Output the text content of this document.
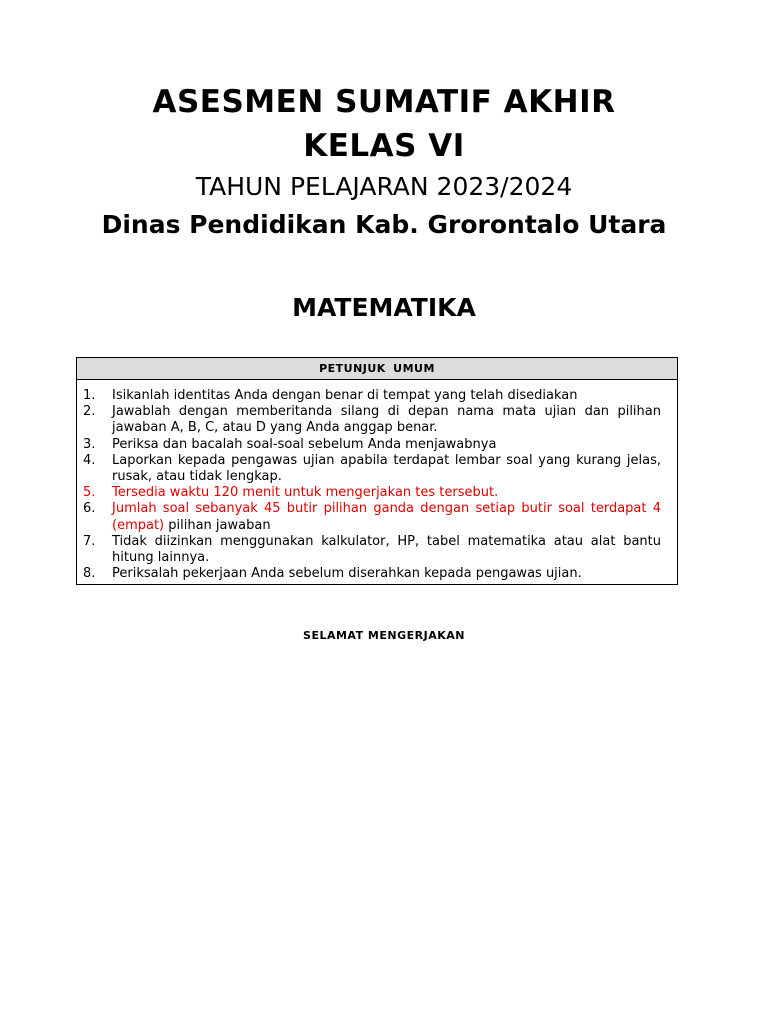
ASESMEN SUMATIF AKHIR
KELAS VI
TAHUN PELAJARAN 2023/2024
Dinas Pendidikan Kab. Grorontalo Utara
MATEMATIKA
PETUNJUK UMUM
1.	Isikanlah identitas Anda dengan benar di tempat yang telah disediakan
2.	Jawablah dengan memberitanda silang di depan nama mata ujian dan pilihan jawaban A, B, C, atau D yang Anda anggap benar.
3.	Periksa dan bacalah soal-soal sebelum Anda menjawabnya
4.	Laporkan kepada pengawas ujian apabila terdapat lembar soal yang kurang jelas, rusak, atau tidak lengkap.
5.	Tersedia waktu 120 menit untuk mengerjakan tes tersebut.
6.	Jumlah soal sebanyak 45 butir pilihan ganda dengan setiap butir soal terdapat 4 (empat) pilihan jawaban
7.	Tidak diizinkan menggunakan kalkulator, HP, tabel matematika atau alat bantu hitung lainnya.
8.	Periksalah pekerjaan Anda sebelum diserahkan kepada pengawas ujian.
SELAMAT MENGERJAKAN
